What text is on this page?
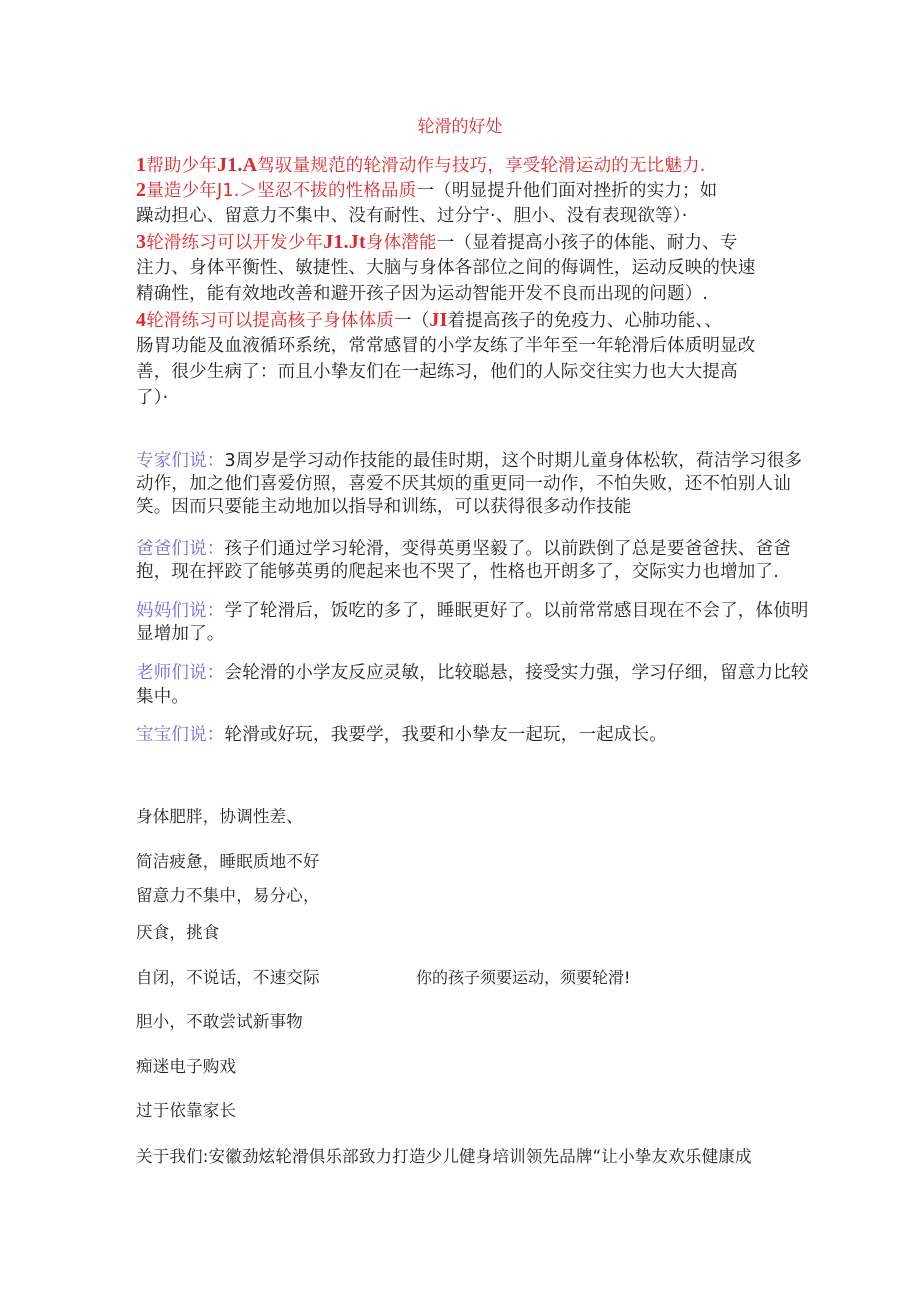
轮滑的好处
1帮助少年J1.A驾驭量规范的轮滑动作与技巧，享受轮滑运动的无比魅力.
2量造少年J1.＞坚忍不拔的性格品质一（明显提升他们面对挫折的实力；如
躁动担心、留意力不集中、没有耐性、过分宁·、胆小、没有表现欲等）·
3轮滑练习可以开发少年J1.Jt身体潜能一（显着提高小孩子的体能、耐力、专
注力、身体平衡性、敏捷性、大脑与身体各部位之间的侮调性，运动反映的快速
精确性，能有效地改善和避开孩子因为运动智能开发不良而出现的问题）.
4轮滑练习可以提高核子身体体质一（JI着提高孩子的免疫力、心肺功能、、
肠胃功能及血液循环系统，常常感冒的小学友练了半年至一年轮滑后体质明显改
善，很少生病了：而且小挚友们在一起练习，他们的人际交往实力也大大提高
了）·
专家们说：3周岁是学习动作技能的最佳时期，这个时期儿童身体松软，荷洁学习很多
动作，加之他们喜爱仿照，喜爱不厌其烦的重更同一动作，不怕失败，还不怕别人讪
笑。因而只要能主动地加以指导和训练，可以获得很多动作技能
爸爸们说：孩子们通过学习轮滑，变得英勇坚毅了。以前跌倒了总是要爸爸扶、爸爸
抱，现在抨跤了能够英勇的爬起来也不哭了，性格也开朗多了，交际实力也增加了.
妈妈们说：学了轮滑后，饭吃的多了，睡眠更好了。以前常常感目现在不会了，体侦明
显增加了。
老师们说：会轮滑的小学友反应灵敏，比较聪悬，接受实力强，学习仔细，留意力比较
集中。
宝宝们说：轮滑或好玩，我要学，我要和小挚友一起玩，一起成长。
身体肥胖，协调性差、
简洁疲惫，睡眠质地不好
留意力不集中，易分心，
厌食，挑食
自闭，不说话，不速交际
胆小，不敢尝试新事物
痴迷电子购戏
过于依靠家长
你的孩子须要运动，须要轮滑!
关于我们:安徽劲炫轮滑俱乐部致力打造少儿健身培训领先品牌“让小挚友欢乐健康成
